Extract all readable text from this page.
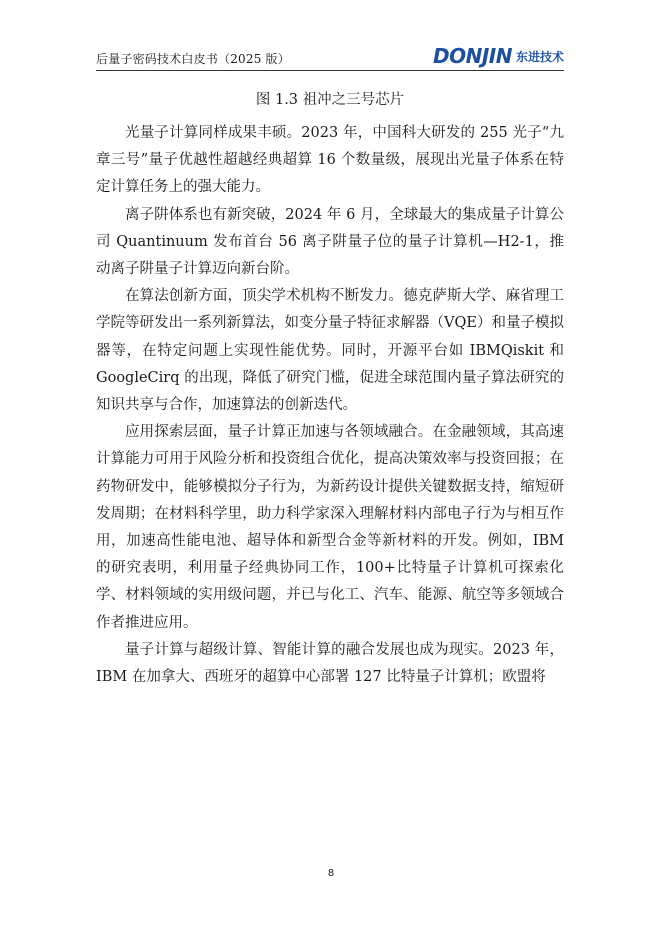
后量子密码技术白皮书（2025 版）	DONJIN 东进技术
图 1.3 祖冲之三号芯片

光量子计算同样成果丰硕。2023 年，中国科大研发的 255 光子“九章三号”量子优越性超越经典超算 16 个数量级，展现出光量子体系在特定计算任务上的强大能力。

离子阱体系也有新突破，2024 年 6 月，全球最大的集成量子计算公司 Quantinuum 发布首台 56 离子阱量子位的量子计算机—H2-1，推动离子阱量子计算迈向新台阶。

在算法创新方面，顶尖学术机构不断发力。德克萨斯大学、麻省理工学院等研发出一系列新算法，如变分量子特征求解器（VQE）和量子模拟器等，在特定问题上实现性能优势。同时，开源平台如 IBMQiskit 和 GoogleCirq 的出现，降低了研究门槛，促进全球范围内量子算法研究的知识共享与合作，加速算法的创新迭代。

应用探索层面，量子计算正加速与各领域融合。在金融领域，其高速计算能力可用于风险分析和投资组合优化，提高决策效率与投资回报；在药物研发中，能够模拟分子行为，为新药设计提供关键数据支持，缩短研发周期；在材料科学里，助力科学家深入理解材料内部电子行为与相互作用，加速高性能电池、超导体和新型合金等新材料的开发。例如，IBM 的研究表明，利用量子经典协同工作，100+比特量子计算机可探索化学、材料领域的实用级问题，并已与化工、汽车、能源、航空等多领域合作者推进应用。

量子计算与超级计算、智能计算的融合发展也成为现实。2023 年，IBM 在加拿大、西班牙的超算中心部署 127 比特量子计算机；欧盟将

8
